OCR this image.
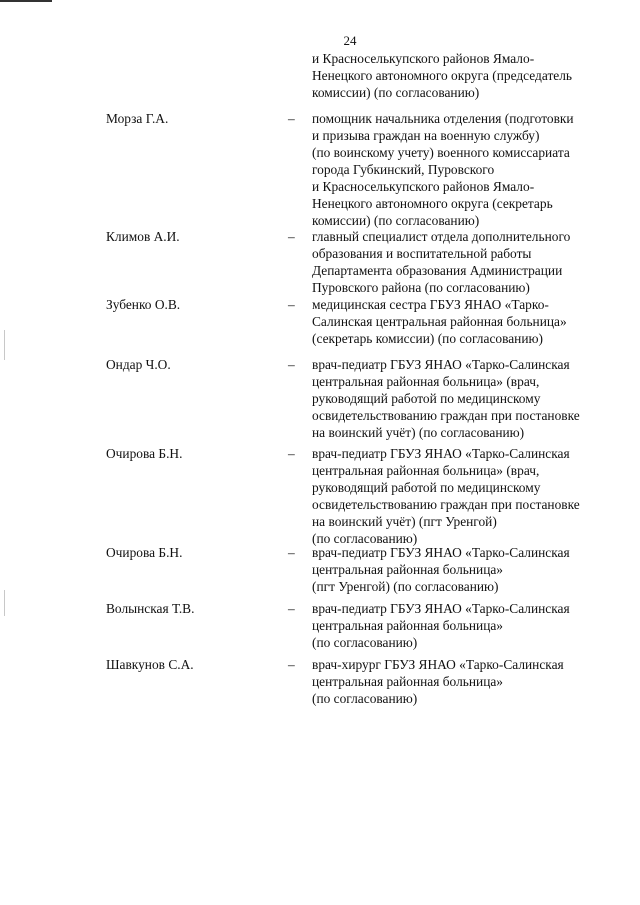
24
и Красноселькупского районов Ямало-
Ненецкого автономного округа (председатель
комиссии) (по согласованию)
Морза Г.А.	– помощник начальника отделения (подготовки
и призыва граждан на военную службу)
(по воинскому учету) военного комиссариата
города Губкинский, Пуровского
и Красноселькупского районов Ямало-
Ненецкого автономного округа (секретарь
комиссии) (по согласованию)
Климов А.И.	– главный специалист отдела дополнительного
образования и воспитательной работы
Департамента образования Администрации
Пуровского района (по согласованию)
Зубенко О.В.	– медицинская сестра ГБУЗ ЯНАО «Тарко-
Салинская центральная районная больница»
(секретарь комиссии) (по согласованию)
Ондар Ч.О.	– врач-педиатр ГБУЗ ЯНАО «Тарко-Салинская
центральная районная больница» (врач,
руководящий работой по медицинскому
освидетельствованию граждан при постановке
на воинский учёт) (по согласованию)
Очирова Б.Н.	– врач-педиатр ГБУЗ ЯНАО «Тарко-Салинская
центральная районная больница» (врач,
руководящий работой по медицинскому
освидетельствованию граждан при постановке
на воинский учёт) (пгт Уренгой)
(по согласованию)
Очирова Б.Н.	– врач-педиатр ГБУЗ ЯНАО «Тарко-Салинская
центральная районная больница»
(пгт Уренгой) (по согласованию)
Волынская Т.В.	– врач-педиатр ГБУЗ ЯНАО «Тарко-Салинская
центральная районная больница»
(по согласованию)
Шавкунов С.А.	– врач-хирург ГБУЗ ЯНАО «Тарко-Салинская
центральная районная больница»
(по согласованию)
